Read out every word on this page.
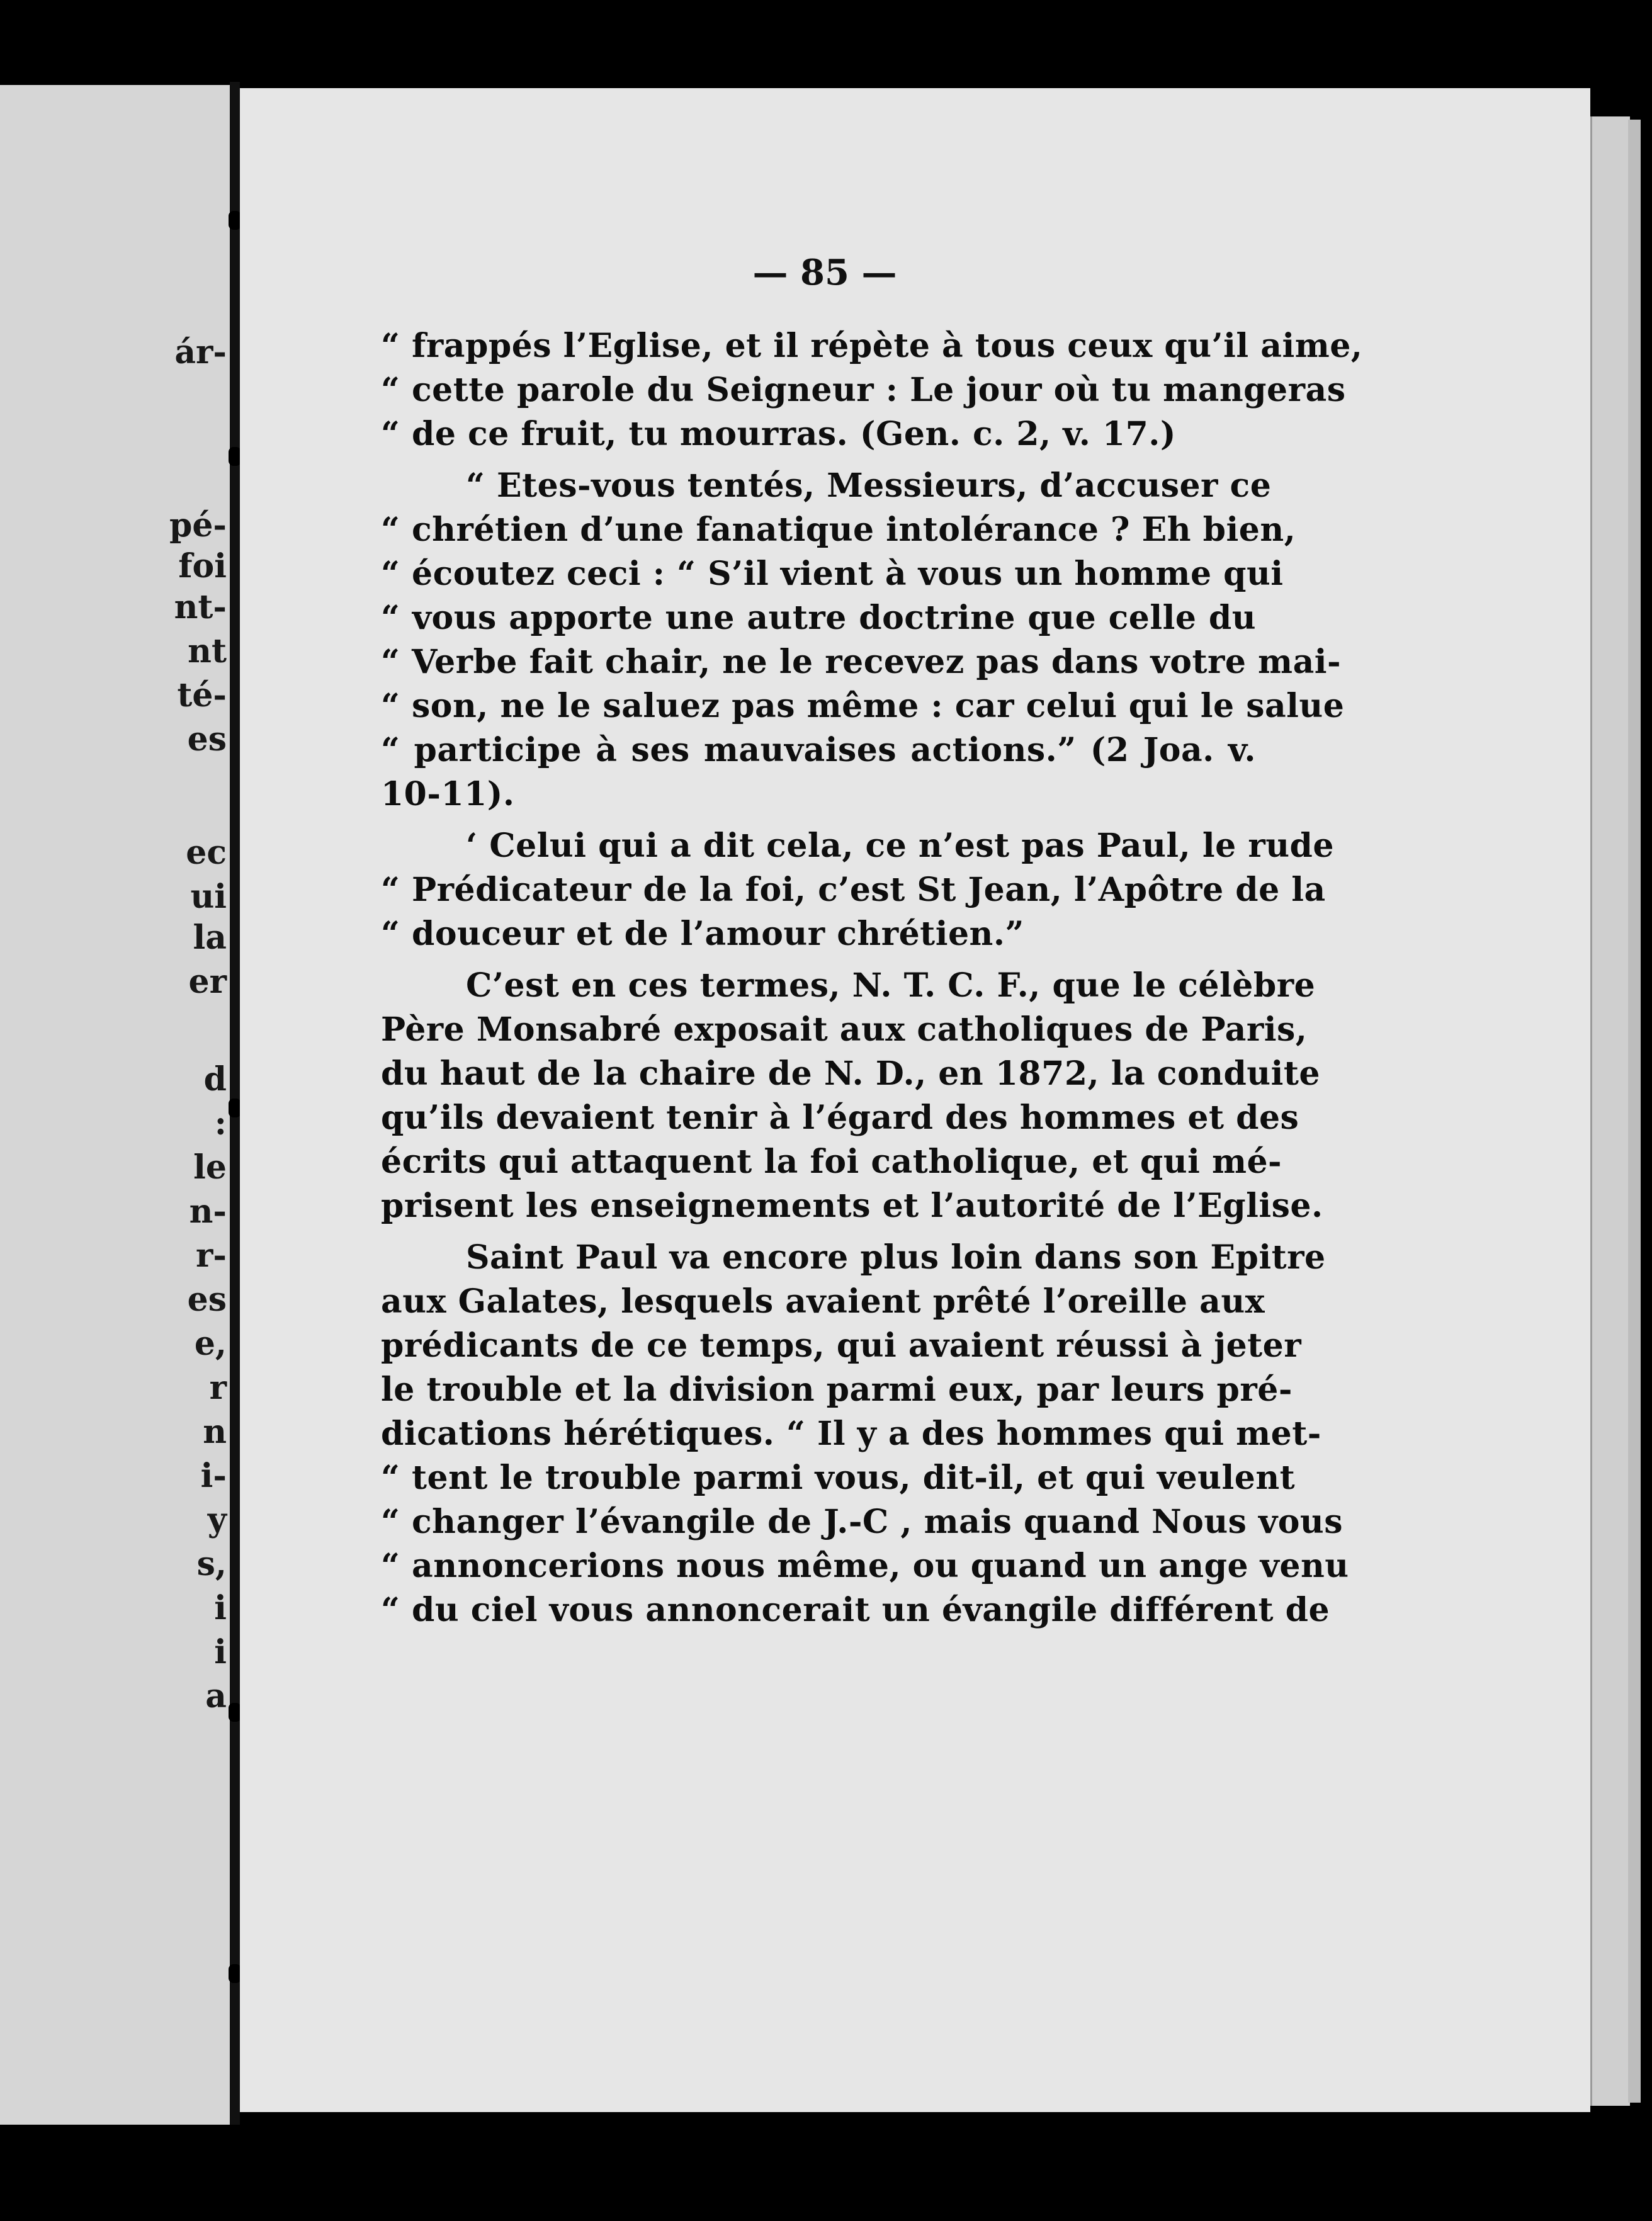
ár-
pé-
foi
nt-
nt
té-
es
ec
ui
la
er
d
:
le
n-
r-
es
e,
r
n
i-
y
s,
i
i
a
— 85 —
“ frappés l’Eglise, et il répète à tous ceux qu’il aime,
“ cette parole du Seigneur : Le jour où tu mangeras
“ de ce fruit, tu mourras. (Gen. c. 2, v. 17.)
“ Etes-vous tentés, Messieurs, d’accuser ce
“ chrétien d’une fanatique intolérance ? Eh bien,
“ écoutez ceci : “ S’il vient à vous un homme qui
“ vous apporte une autre doctrine que celle du
“ Verbe fait chair, ne le recevez pas dans votre mai-
“ son, ne le saluez pas même : car celui qui le salue
“ participe à ses mauvaises actions.” (2 Joa. v.
10-11).
‘ Celui qui a dit cela, ce n’est pas Paul, le rude
“ Prédicateur de la foi, c’est St Jean, l’Apôtre de la
“ douceur et de l’amour chrétien.”
C’est en ces termes, N. T. C. F., que le célèbre
Père Monsabré exposait aux catholiques de Paris,
du haut de la chaire de N. D., en 1872, la conduite
qu’ils devaient tenir à l’égard des hommes et des
écrits qui attaquent la foi catholique, et qui mé-
prisent les enseignements et l’autorité de l’Eglise.
Saint Paul va encore plus loin dans son Epitre
aux Galates, lesquels avaient prêté l’oreille aux
prédicants de ce temps, qui avaient réussi à jeter
le trouble et la division parmi eux, par leurs pré-
dications hérétiques. “ Il y a des hommes qui met-
“ tent le trouble parmi vous, dit-il, et qui veulent
“ changer l’évangile de J.-C , mais quand Nous vous
“ annoncerions nous même, ou quand un ange venu
“ du ciel vous annoncerait un évangile différent de
